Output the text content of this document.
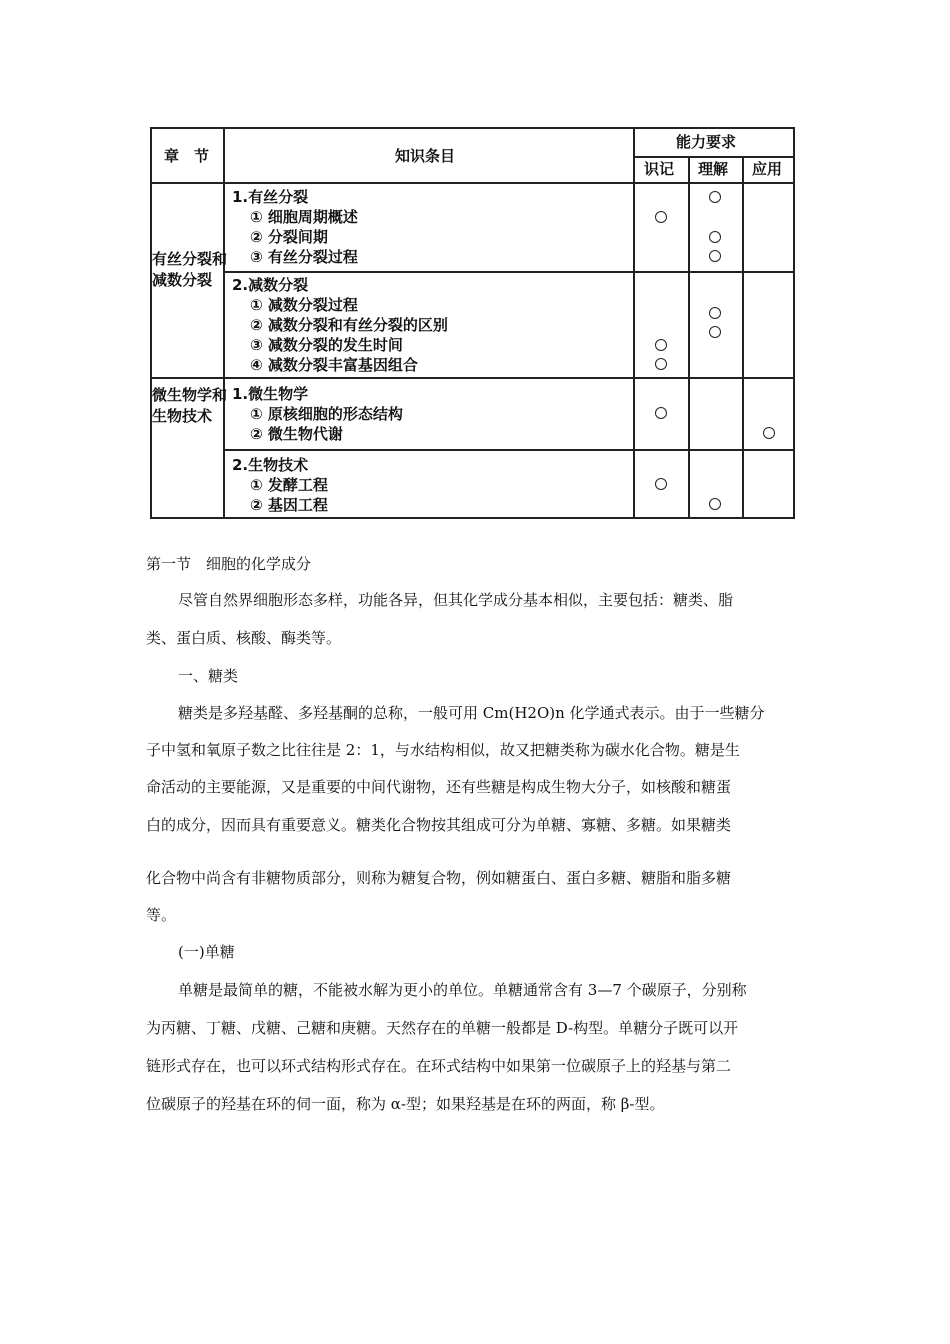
章　节	知识条目
能力要求
识记 理解 应用
有丝分裂和减数分裂
微生物学和生物技术
1.有丝分裂
① 细胞周期概述
② 分裂间期
③ 有丝分裂过程
2.减数分裂
① 减数分裂过程
② 减数分裂和有丝分裂的区别
③ 减数分裂的发生时间
④ 减数分裂丰富基因组合
1.微生物学
① 原核细胞的形态结构
② 微生物代谢
2.生物技术
① 发酵工程
② 基因工程
第一节　细胞的化学成分
尽管自然界细胞形态多样，功能各异，但其化学成分基本相似，主要包括：糖类、脂
类、蛋白质、核酸、酶类等。
一、糖类
糖类是多羟基醛、多羟基酮的总称，一般可用 Cm(H2O)n 化学通式表示。由于一些糖分
子中氢和氧原子数之比往往是 2：1，与水结构相似，故又把糖类称为碳水化合物。糖是生
命活动的主要能源，又是重要的中间代谢物，还有些糖是构成生物大分子，如核酸和糖蛋
白的成分，因而具有重要意义。糖类化合物按其组成可分为单糖、寡糖、多糖。如果糖类
化合物中尚含有非糖物质部分，则称为糖复合物，例如糖蛋白、蛋白多糖、糖脂和脂多糖
等。
(一)单糖
单糖是最简单的糖，不能被水解为更小的单位。单糖通常含有 3—7 个碳原子，分别称
为丙糖、丁糖、戊糖、己糖和庚糖。天然存在的单糖一般都是 D-构型。单糖分子既可以开
链形式存在，也可以环式结构形式存在。在环式结构中如果第一位碳原子上的羟基与第二
位碳原子的羟基在环的伺一面，称为 α-型；如果羟基是在环的两面，称 β-型。
